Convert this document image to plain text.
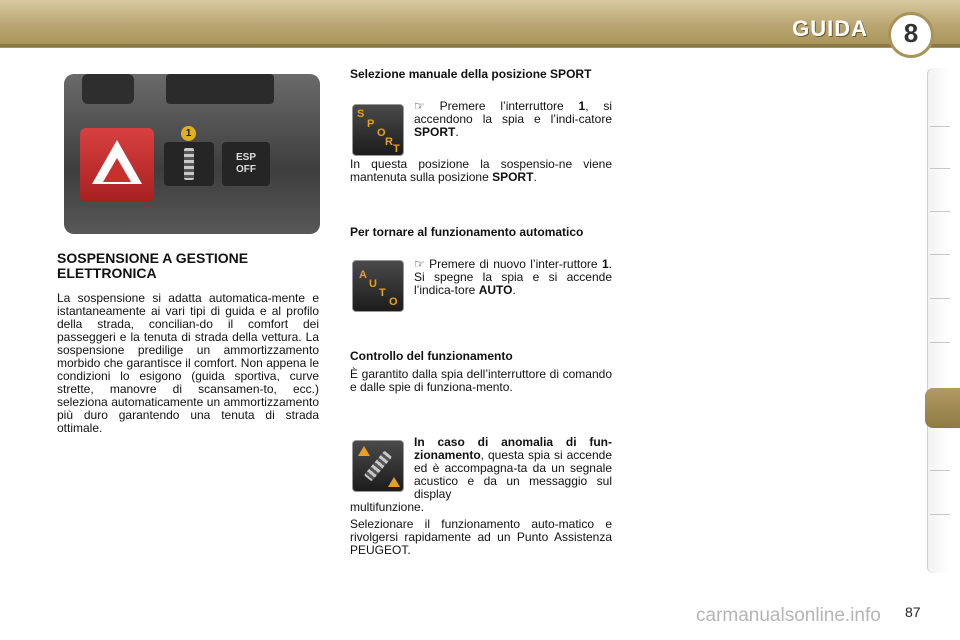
GUIDA	8
ESP
OFF
1
SOSPENSIONE A GESTIONE ELETTRONICA
La sospensione si adatta automatica-mente e istantaneamente ai vari tipi di guida e al profilo della strada, concilian-do il comfort dei passeggeri e la tenuta di strada della vettura. La sospensione predilige un ammortizzamento morbido che garantisce il comfort. Non appena le condizioni lo esigono (guida sportiva, curve strette, manovre di scansamen-to, ecc.) seleziona automaticamente un ammortizzamento più duro garantendo una tenuta di strada ottimale.
Selezione manuale della posizione SPORT
S
P
O
R
T
☞ Premere l’interruttore 1, si accendono la spia e l’indi-catore SPORT.
In questa posizione la sospensio-ne viene mantenuta sulla posizione SPORT.
Per tornare al funzionamento automatico
A
U
T
O
☞ Premere di nuovo l’inter-ruttore 1. Si spegne la spia e si accende l’indica-tore AUTO.
Controllo del funzionamento
È garantito dalla spia dell’interruttore di comando e dalle spie di funziona-mento.
In caso di anomalia di fun-zionamento, questa spia si accende ed è accompagna-ta da un segnale acustico e da un messaggio sul display
multifunzione.
Selezionare il funzionamento auto-matico e rivolgersi rapidamente ad un Punto Assistenza PEUGEOT.
carmanualsonline.info 87
